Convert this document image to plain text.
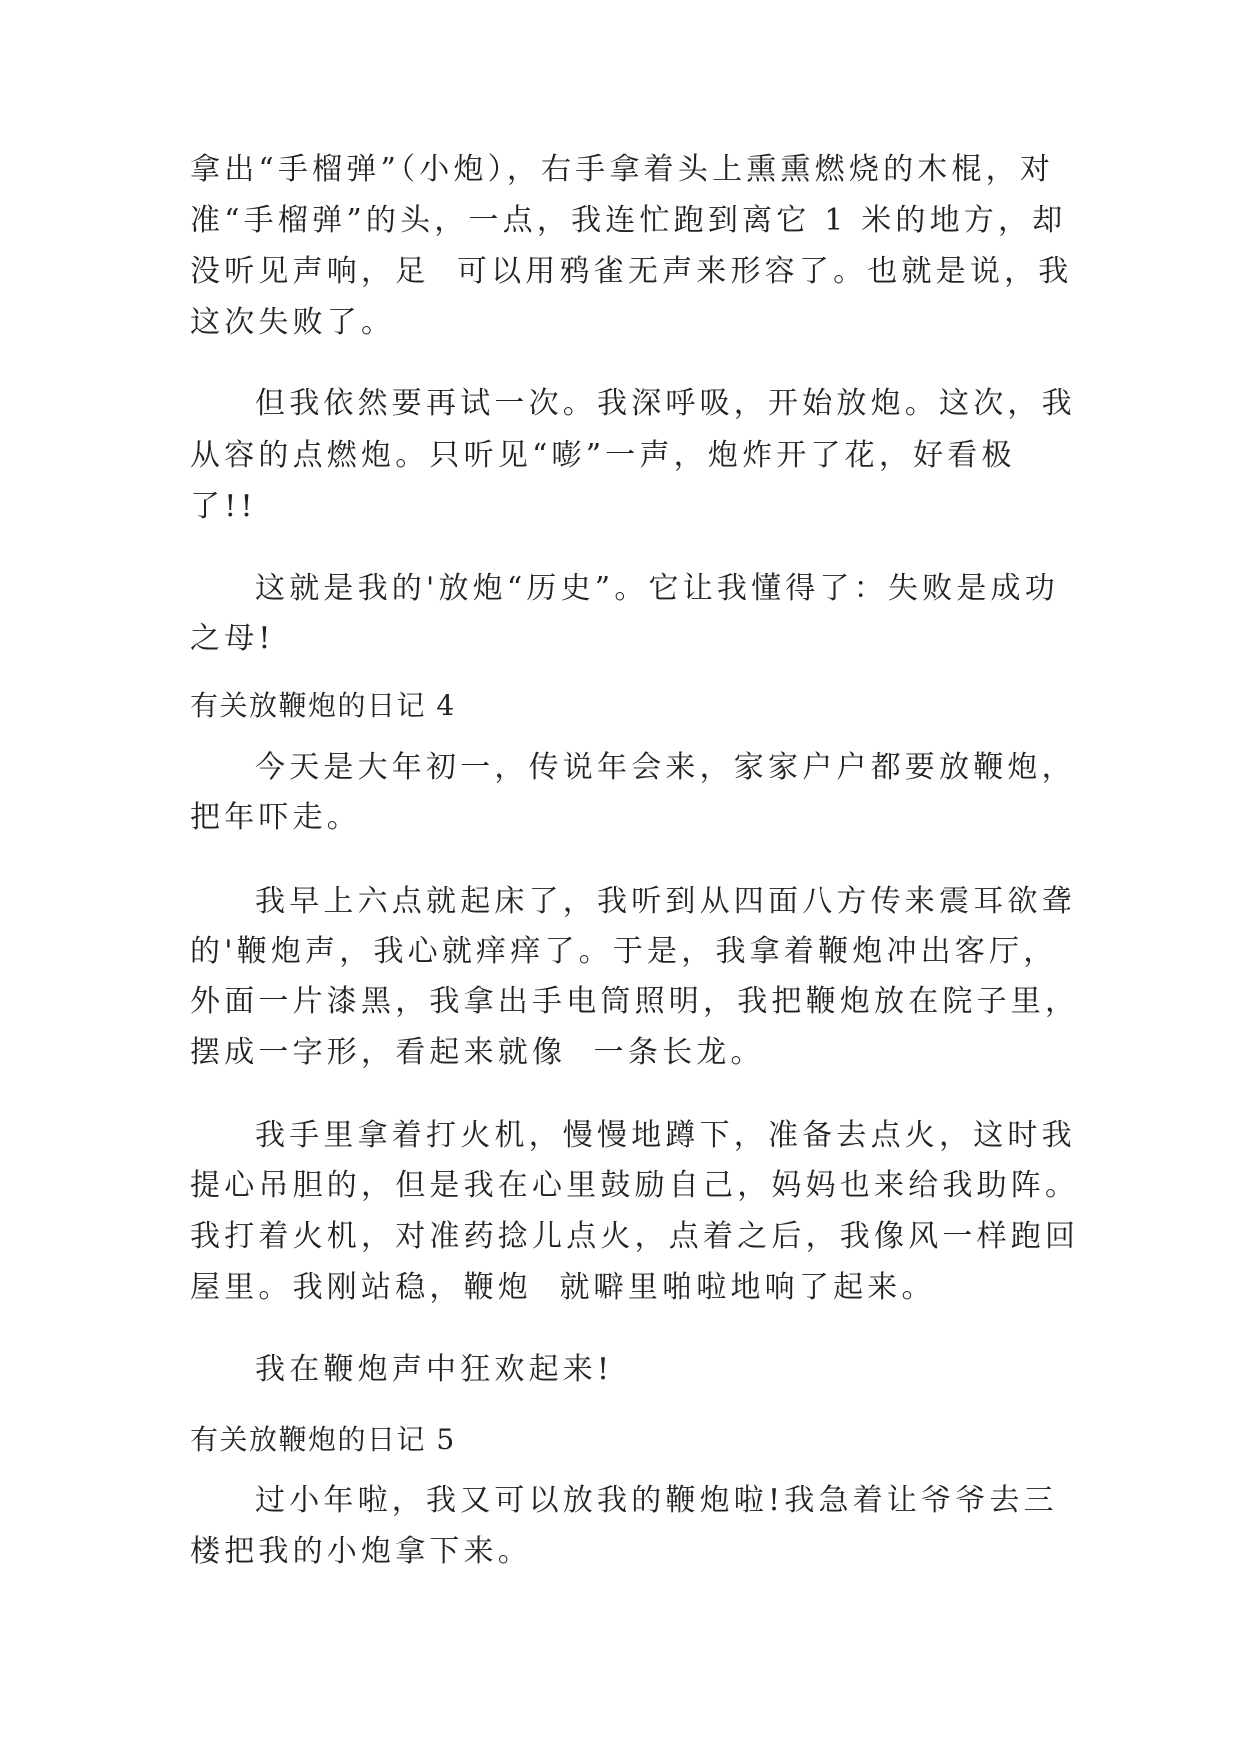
拿出“手榴弹”（小炮），右手拿着头上熏熏燃烧的木棍，对
准“手榴弹”的头，一点，我连忙跑到离它 1 米的地方，却
没听见声响，足  可以用鸦雀无声来形容了。也就是说，我
这次失败了。
但我依然要再试一次。我深呼吸，开始放炮。这次，我
从容的点燃炮。只听见“嘭”一声，炮炸开了花，好看极
了!!
这就是我的'放炮“历史”。它让我懂得了：失败是成功
之母!
有关放鞭炮的日记 4
今天是大年初一，传说年会来，家家户户都要放鞭炮，
把年吓走。
我早上六点就起床了，我听到从四面八方传来震耳欲聋
的'鞭炮声，我心就痒痒了。于是，我拿着鞭炮冲出客厅，
外面一片漆黑，我拿出手电筒照明，我把鞭炮放在院子里，
摆成一字形，看起来就像  一条长龙。
我手里拿着打火机，慢慢地蹲下，准备去点火，这时我
提心吊胆的，但是我在心里鼓励自己，妈妈也来给我助阵。
我打着火机，对准药捻儿点火，点着之后，我像风一样跑回
屋里。我刚站稳，鞭炮  就噼里啪啦地响了起来。
我在鞭炮声中狂欢起来!
有关放鞭炮的日记 5
过小年啦，我又可以放我的鞭炮啦!我急着让爷爷去三
楼把我的小炮拿下来。
